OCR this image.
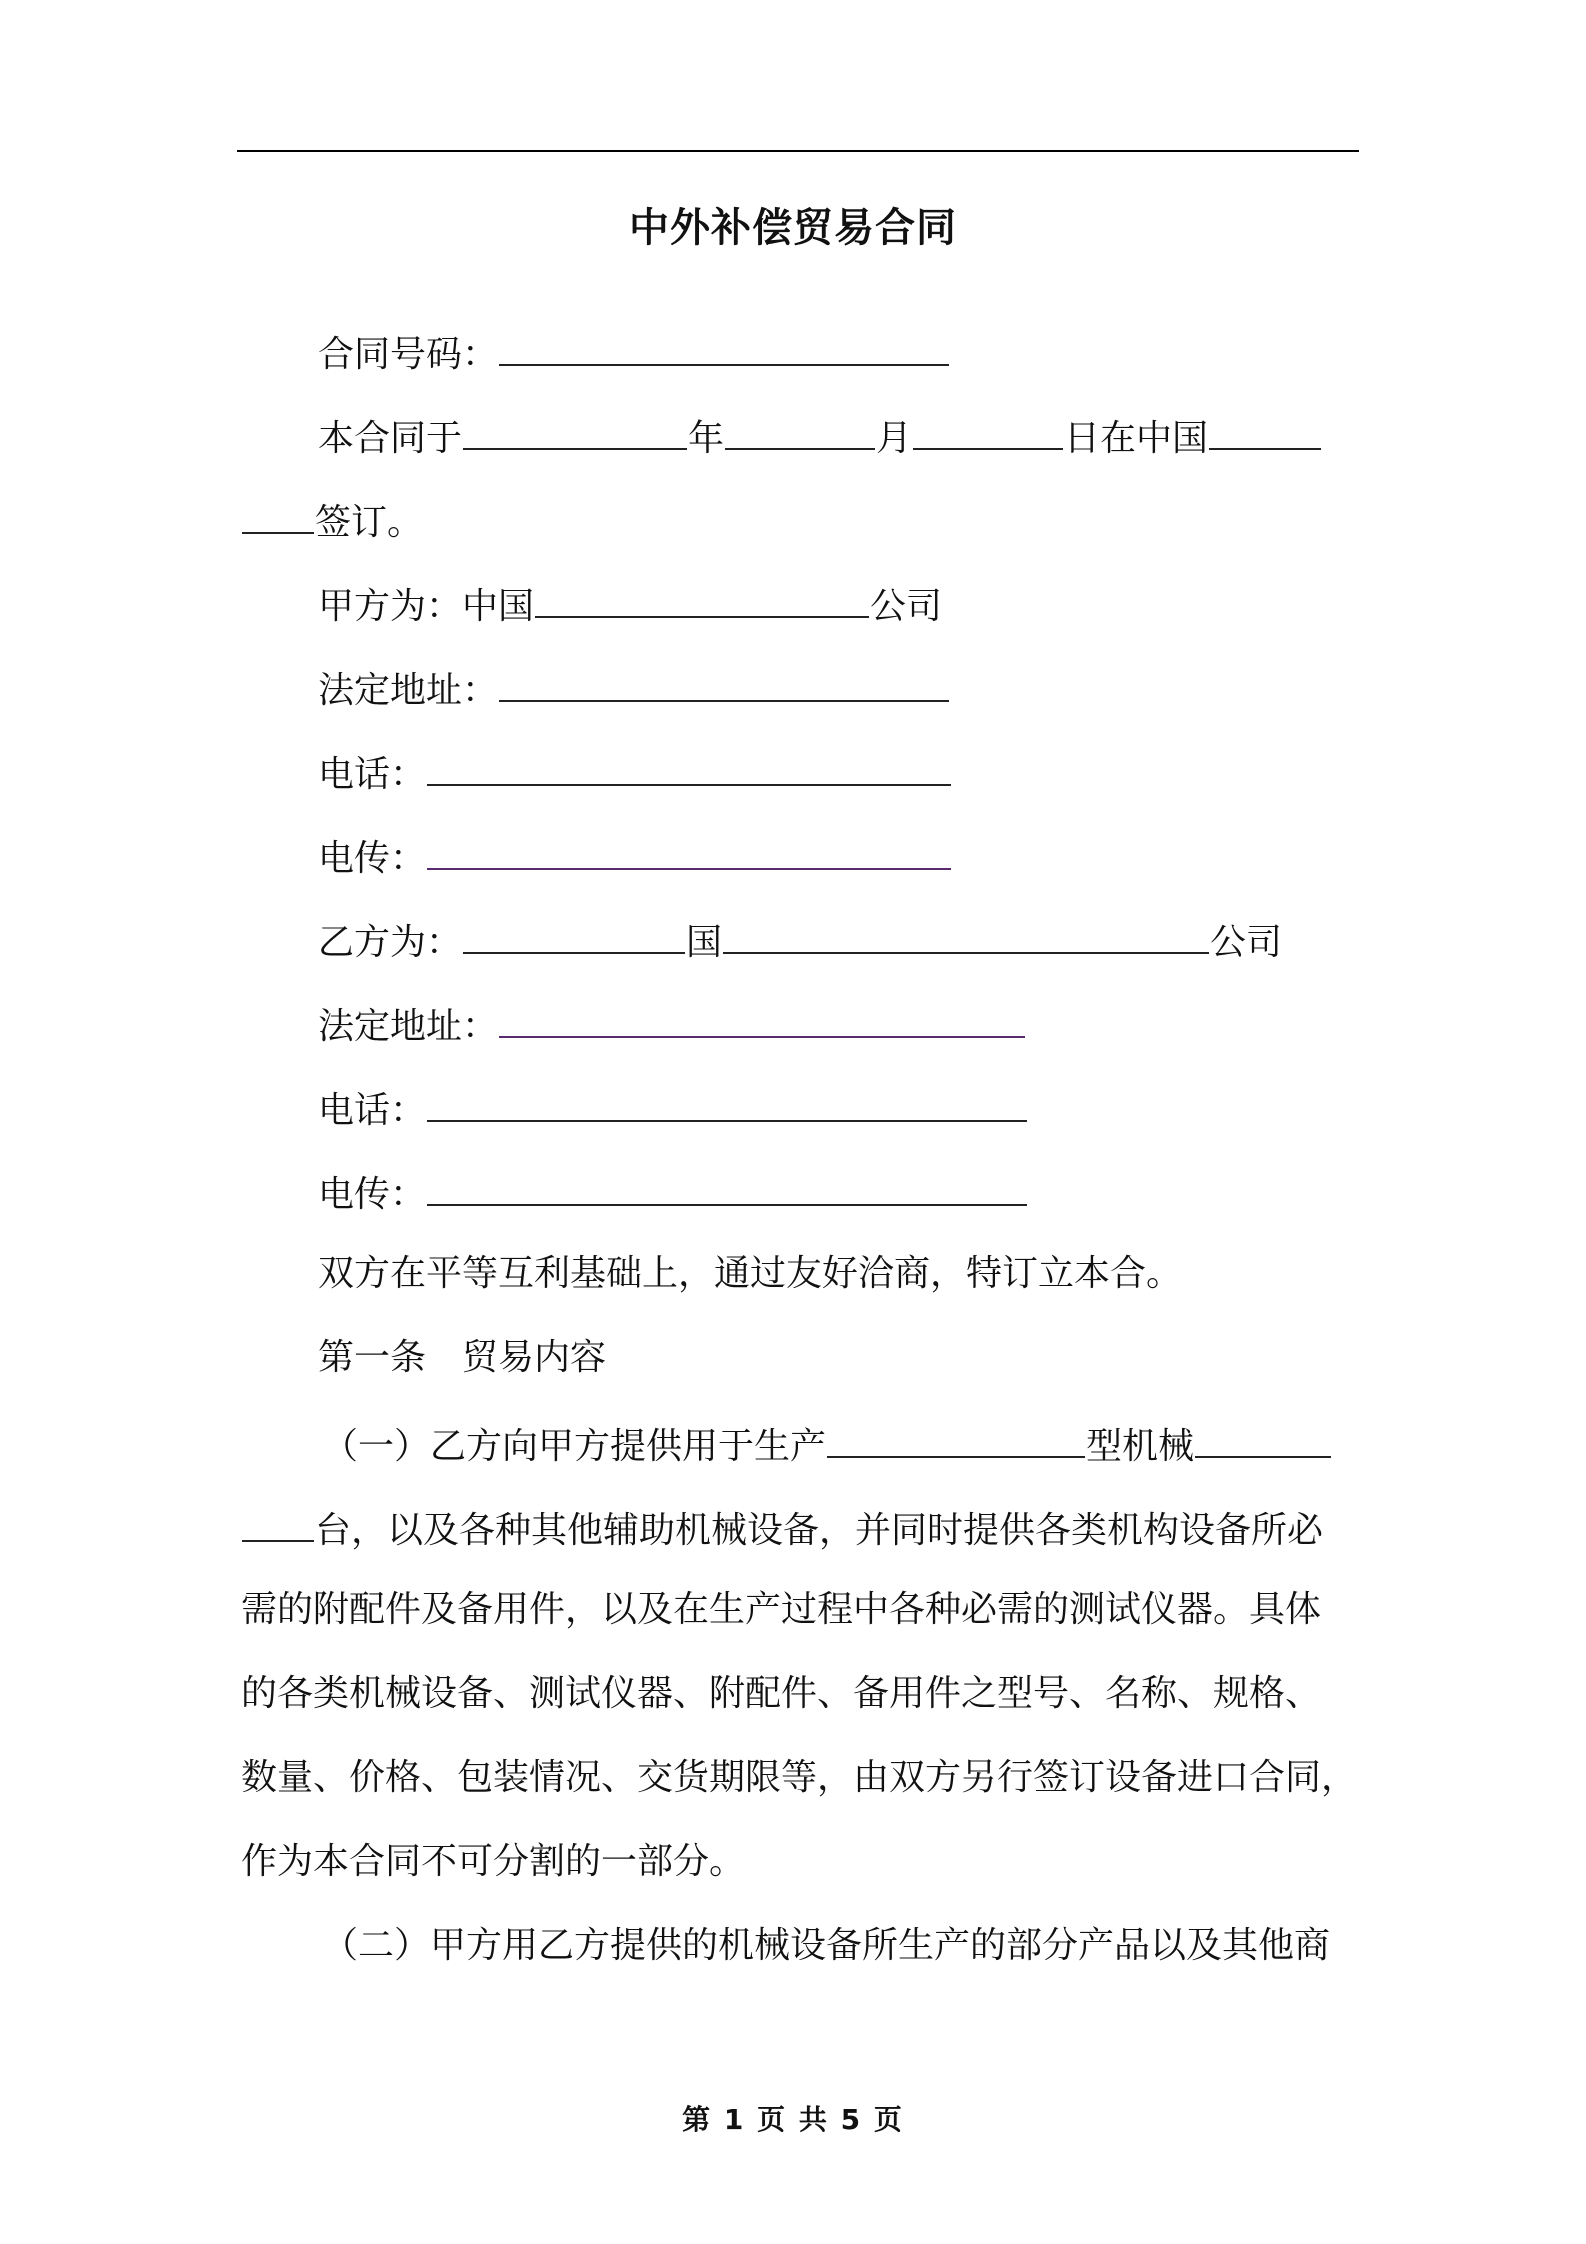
中外补偿贸易合同
合同号码：
本合同于	年	月	日在中国
签订。
甲方为：中国	公司
法定地址：
电话：
电传：
乙方为：	国	公司
法定地址：
电话：
电传：
双方在平等互利基础上，通过友好洽商，特订立本合。
第一条 贸易内容
（一）乙方向甲方提供用于生产	型机械
台，以及各种其他辅助机械设备，并同时提供各类机构设备所必
需的附配件及备用件，以及在生产过程中各种必需的测试仪器。具体
的各类机械设备、测试仪器、附配件、备用件之型号、名称、规格、
数量、价格、包装情况、交货期限等，由双方另行签订设备进口合同，
作为本合同不可分割的一部分。
（二）甲方用乙方提供的机械设备所生产的部分产品以及其他商
第 1 页 共 5 页
